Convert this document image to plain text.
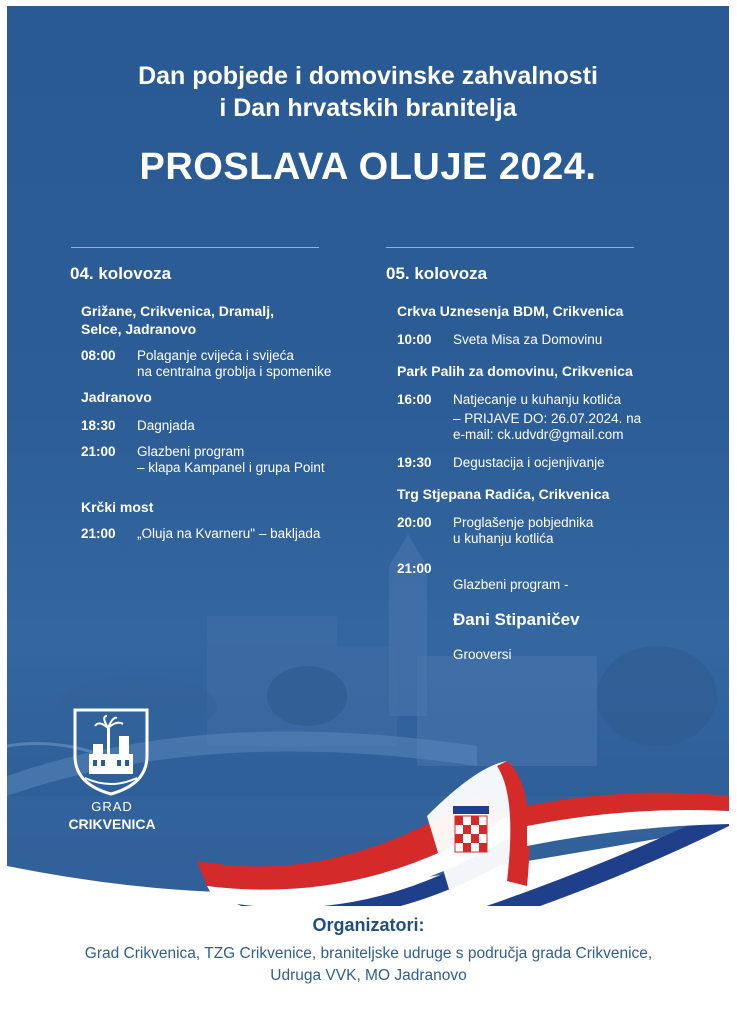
Dan pobjede i domovinske zahvalnosti
i Dan hrvatskih branitelja
PROSLAVA OLUJE 2024.
04. kolovoza
Grižane, Crikvenica, Dramalj,
Selce, Jadranovo
08:00	Polaganje cvijeća i svijeća
na centralna groblja i spomenike
Jadranovo
18:30	Dagnjada
21:00	Glazbeni program
– klapa Kampanel i grupa Point
Krčki most
21:00	„Oluja na Kvarneru" – bakljada
05. kolovoza
Crkva Uznesenja BDM, Crikvenica
10:00	Sveta Misa za Domovinu
Park Palih za domovinu, Crikvenica
16:00	Natjecanje u kuhanju kotlića
– PRIJAVE DO: 26.07.2024. na
e-mail: ck.udvdr@gmail.com
19:30	Degustacija i ocjenjivanje
Trg Stjepana Radića, Crikvenica
20:00	Proglašenje pobjednika
u kuhanju kotlića
21:00

Glazbeni program -

Đani Stipaničev

Grooversi

GRAD
CRIKVENICA
Organizatori:
Grad Crikvenica, TZG Crikvenice, braniteljske udruge s područja grada Crikvenice,
Udruga VVK, MO Jadranovo
